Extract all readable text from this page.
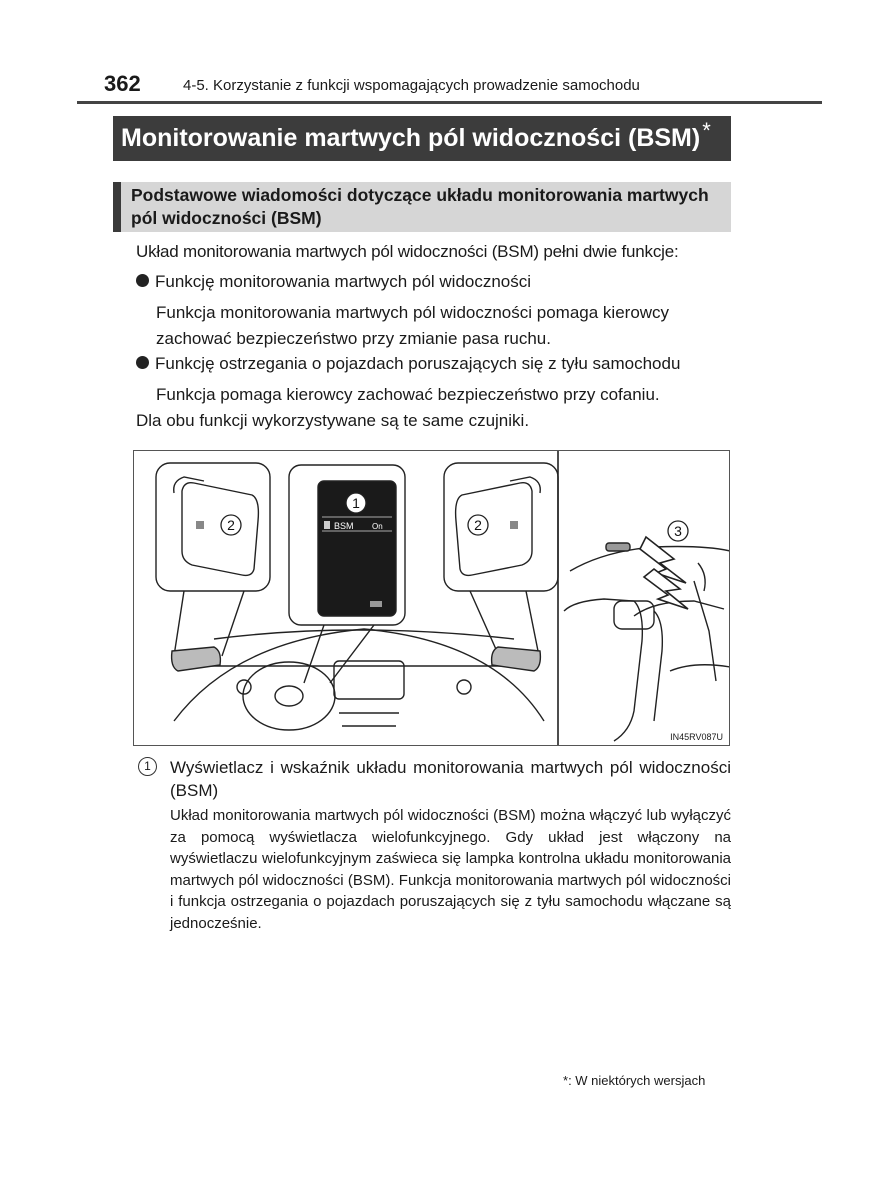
362	4-5. Korzystanie z funkcji wspomagających prowadzenie samochodu
Monitorowanie martwych pól widoczności (BSM)*
Podstawowe wiadomości dotyczące układu monitorowania martwych pól widoczności (BSM)
Układ monitorowania martwych pól widoczności (BSM) pełni dwie funkcje:
Funkcję monitorowania martwych pól widoczności
Funkcja monitorowania martwych pól widoczności pomaga kierowcy zachować bezpieczeństwo przy zmianie pasa ruchu.
Funkcję ostrzegania o pojazdach poruszających się z tyłu samochodu
Funkcja pomaga kierowcy zachować bezpieczeństwo przy cofaniu.
Dla obu funkcji wykorzystywane są te same czujniki.
1
2	2	3
BSM On
IN45RV087U
1	Wyświetlacz i wskaźnik układu monitorowania martwych pól widoczności (BSM)
Układ monitorowania martwych pól widoczności (BSM) można włączyć lub wyłączyć za pomocą wyświetlacza wielofunkcyjnego. Gdy układ jest włączony na wyświetlaczu wielofunkcyjnym zaświeca się lampka kontrolna układu monitorowania martwych pól widoczności (BSM). Funkcja monitorowania martwych pól widoczności i funkcja ostrzegania o pojazdach poruszających się z tyłu samochodu włączane są jednocześnie.
*: W niektórych wersjach
